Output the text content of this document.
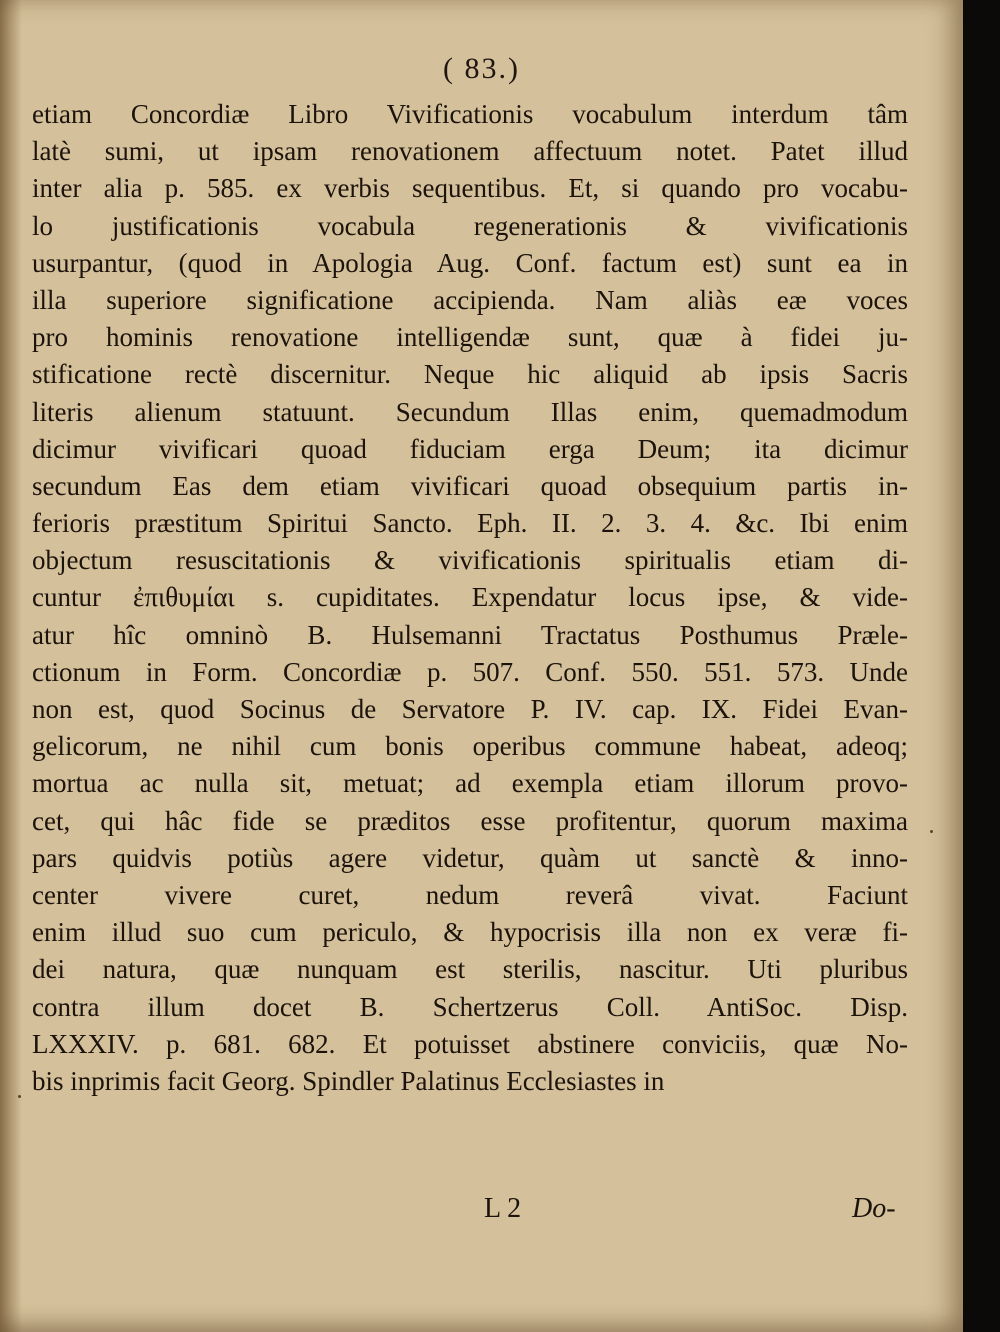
( 83.)
etiam Concordiæ Libro Vivificationis vocabulum interdum tâm
latè sumi, ut ipsam renovationem affectuum notet. Patet illud
inter alia p. 585. ex verbis sequentibus. Et, si quando pro vocabu-
lo justificationis vocabula regenerationis & vivificationis
usurpantur, (quod in Apologia Aug. Conf. factum est) sunt ea in
illa superiore significatione accipienda. Nam aliàs eæ voces
pro hominis renovatione intelligendæ sunt, quæ à fidei ju-
stificatione rectè discernitur. Neque hic aliquid ab ipsis Sacris
literis alienum statuunt. Secundum Illas enim, quemadmodum
dicimur vivificari quoad fiduciam erga Deum; ita dicimur
secundum Eas dem etiam vivificari quoad obsequium partis in-
ferioris præstitum Spiritui Sancto. Eph. II. 2. 3. 4. &c. Ibi enim
objectum resuscitationis & vivificationis spiritualis etiam di-
cuntur ἐπιθυμίαι s. cupiditates. Expendatur locus ipse, & vide-
atur hîc omninò B. Hulsemanni Tractatus Posthumus Præle-
ctionum in Form. Concordiæ p. 507. Conf. 550. 551. 573. Unde
non est, quod Socinus de Servatore P. IV. cap. IX. Fidei Evan-
gelicorum, ne nihil cum bonis operibus commune habeat, adeoq;
mortua ac nulla sit, metuat; ad exempla etiam illorum provo-
cet, qui hâc fide se præditos esse profitentur, quorum maxima
pars quidvis potiùs agere videtur, quàm ut sanctè & inno-
center vivere curet, nedum reverâ vivat. Faciunt
enim illud suo cum periculo, & hypocrisis illa non ex veræ fi-
dei natura, quæ nunquam est sterilis, nascitur. Uti pluribus
contra illum docet B. Schertzerus Coll. AntiSoc. Disp.
LXXXIV. p. 681. 682. Et potuisset abstinere conviciis, quæ No-
bis inprimis facit Georg. Spindler Palatinus Ecclesiastes in
L 2	Do-
